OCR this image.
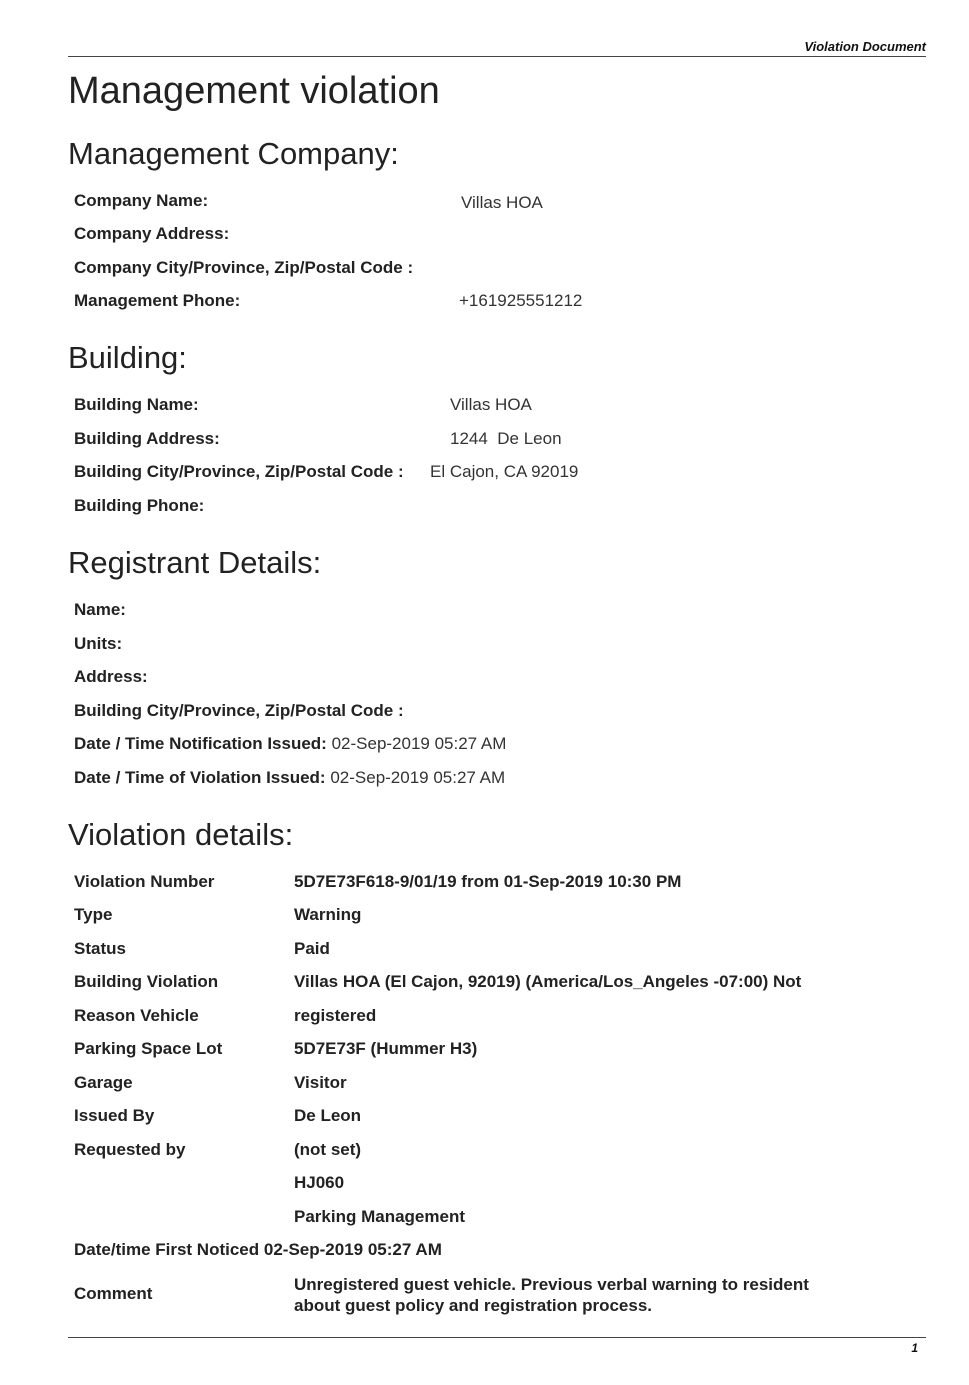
Violation Document
Management violation
Management Company:
Company Name:	Villas HOA
Company Address:
Company City/Province, Zip/Postal Code :
Management Phone:	+161925551212
Building:
Building Name:	Villas HOA
Building Address:	1244  De Leon
Building City/Province, Zip/Postal Code : El Cajon, CA 92019
Building Phone:
Registrant Details:
Name:
Units:
Address:
Building City/Province, Zip/Postal Code :
Date / Time Notification Issued: 02-Sep-2019 05:27 AM
Date / Time of Violation Issued: 02-Sep-2019 05:27 AM
Violation details:
Violation Number	5D7E73F618-9/01/19 from 01-Sep-2019 10:30 PM
Type	Warning
Status	Paid
Building Violation	Villas HOA (El Cajon, 92019) (America/Los_Angeles -07:00) Not
Reason Vehicle	registered
Parking Space Lot	5D7E73F (Hummer H3)
Garage	Visitor
Issued By	De Leon
Requested by	(not set)
HJ060
Parking Management
Date/time First Noticed 02-Sep-2019 05:27 AM
Comment	Unregistered guest vehicle. Previous verbal warning to resident about guest policy and registration process.
1
